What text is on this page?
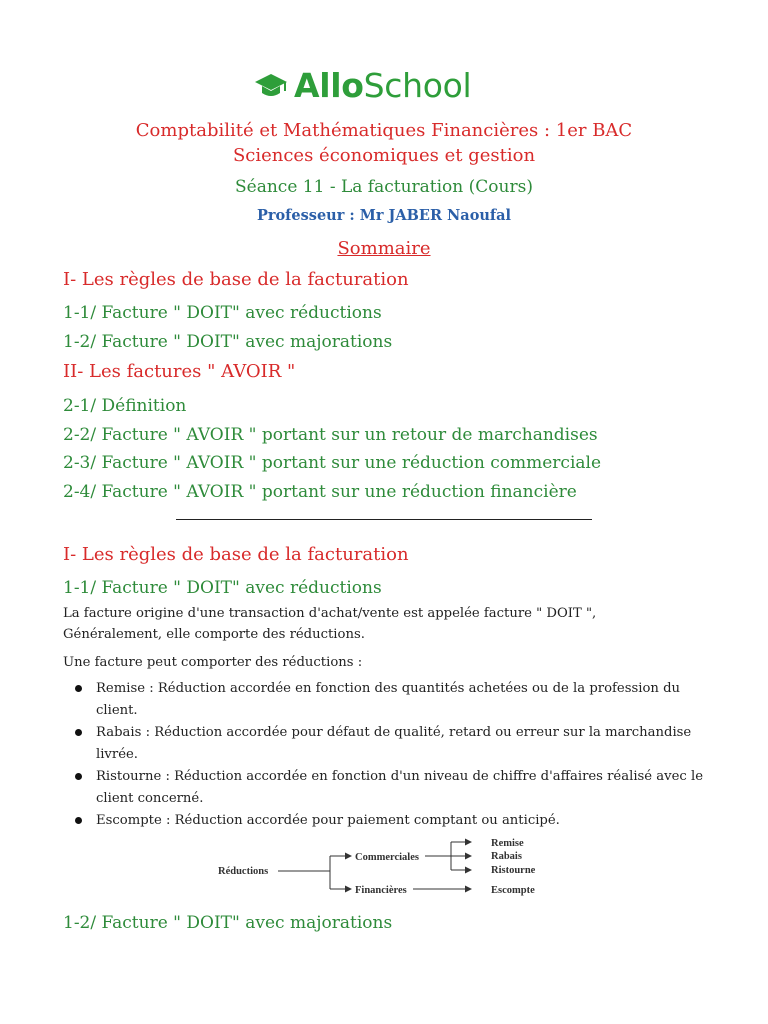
AlloSchool
Comptabilité et Mathématiques Financières : 1er BAC Sciences économiques et gestion
Séance 11 - La facturation (Cours)
Professeur : Mr JABER Naoufal
Sommaire
I- Les règles de base de la facturation
1-1/ Facture " DOIT" avec réductions
1-2/ Facture " DOIT" avec majorations
II- Les factures " AVOIR "
2-1/ Définition
2-2/ Facture " AVOIR " portant sur un retour de marchandises
2-3/ Facture " AVOIR " portant sur une réduction commerciale
2-4/ Facture " AVOIR " portant sur une réduction financière
I- Les règles de base de la facturation
1-1/ Facture " DOIT" avec réductions
La facture origine d'une transaction d'achat/vente est appelée facture " DOIT ",
Généralement, elle comporte des réductions.
Une facture peut comporter des réductions :
Remise : Réduction accordée en fonction des quantités achetées ou de la profession du client.
Rabais : Réduction accordée pour défaut de qualité, retard ou erreur sur la marchandise livrée.
Ristourne : Réduction accordée en fonction d'un niveau de chiffre d'affaires réalisé avec le client concerné.
Escompte : Réduction accordée pour paiement comptant ou anticipé.
Réductions
Commerciales
Financières
Remise
Rabais
Ristourne
Escompte
1-2/ Facture " DOIT" avec majorations
